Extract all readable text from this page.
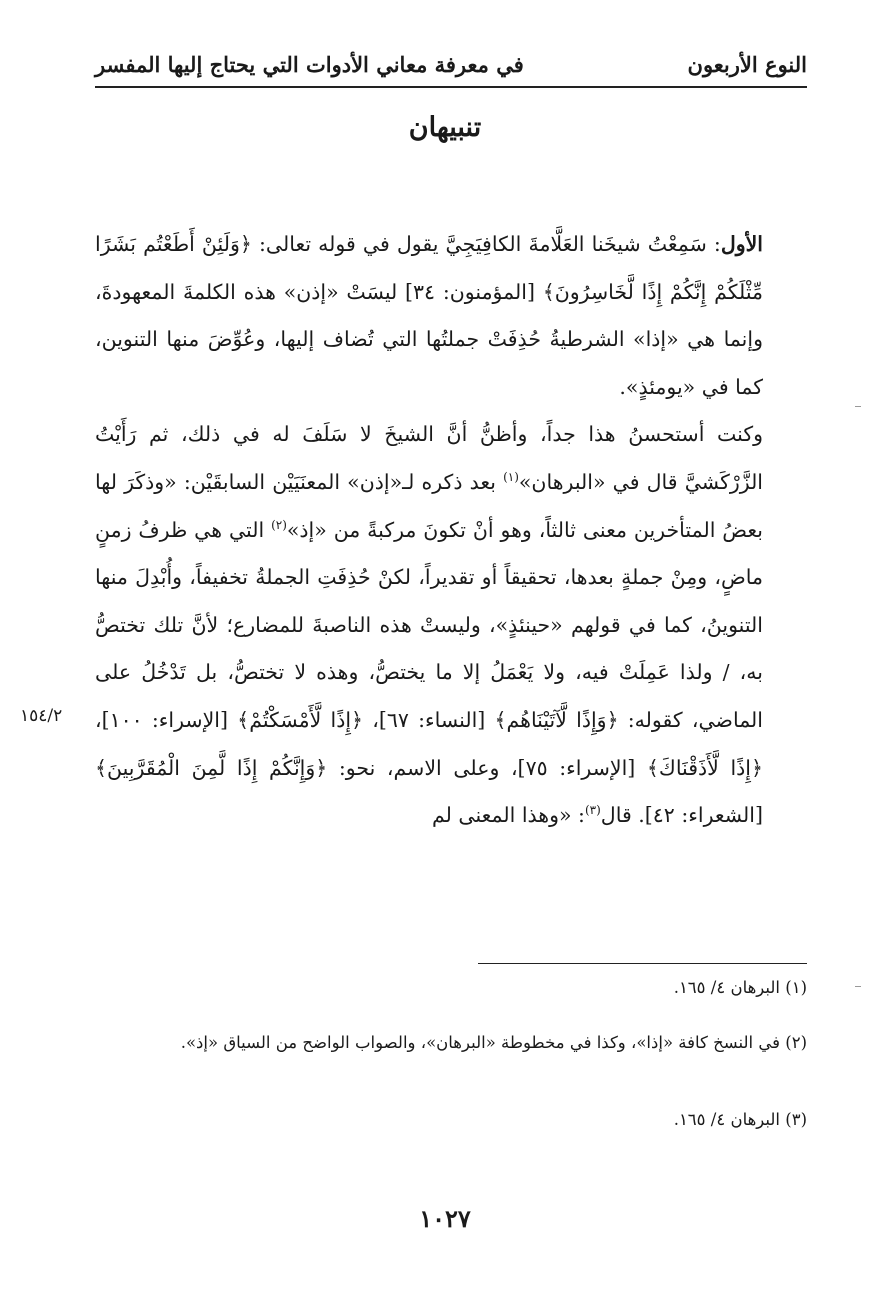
النوع الأربعون
في معرفة معاني الأدوات التي يحتاج إليها المفسر
تنبيهان

الأول: سَمِعْتُ شيخَنا العَلَّامةَ الكافِيَجِيَّ يقول في قوله تعالى: ﴿وَلَئِنْ أَطَعْتُم بَشَرًا مِّثْلَكُمْ إِنَّكُمْ إِذًا لَّخَاسِرُونَ﴾ [المؤمنون: ٣٤] ليسَتْ «إذن» هذه الكلمةَ المعهودةَ، وإنما هي «إذا» الشرطيةُ حُذِفَتْ جملتُها التي تُضاف إليها، وعُوِّضَ منها التنوين، كما في «يومئذٍ».

وكنت أستحسنُ هذا جداً، وأظنُّ أنَّ الشيخَ لا سَلَفَ له في ذلك، ثم رَأَيْتُ الزَّرْكَشيَّ قال في «البرهان»$^{(١)}$ بعد ذكره لـ«إذن» المعنَيَيْن السابقَيْن: «وذكَرَ لها بعضُ المتأخرين معنى ثالثاً، وهو أنْ تكونَ مركبةً من «إذ»$^{(٢)}$ التي هي ظرفُ زمنٍ ماضٍ، ومِنْ جملةٍ بعدها، تحقيقاً أو تقديراً، لكنْ حُذِفَتِ الجملةُ تخفيفاً، وأُبْدِلَ منها التنوينُ، كما في قولهم «حينئذٍ»، وليستْ هذه الناصبةَ للمضارع؛ لأنَّ تلك تختصُّ به، / ولذا عَمِلَتْ فيه، ولا يَعْمَلُ إلا ما يختصُّ، وهذه لا تختصُّ، بل تَدْخُلُ على الماضي، كقوله: ﴿وَإِذًا لَّآتَيْنَاهُم﴾ [النساء: ٦٧]، ﴿إِذًا لَّأَمْسَكْتُمْ﴾ [الإسراء: ١٠٠]، ﴿إِذًا لَّأَذَقْنَاكَ﴾ [الإسراء: ٧٥]، وعلى الاسم، نحو: ﴿وَإِنَّكُمْ إِذًا لَّمِنَ الْمُقَرَّبِينَ﴾ [الشعراء: ٤٢]. قال$^{(٣)}$: «وهذا المعنى لم

١٥٤/٢

(١) البرهان ٤/ ١٦٥.

(٢) في النسخ كافة «إذا»، وكذا في مخطوطة «البرهان»، والصواب الواضح من السياق «إذ».

(٣) البرهان ٤/ ١٦٥.

١٠٢٧
